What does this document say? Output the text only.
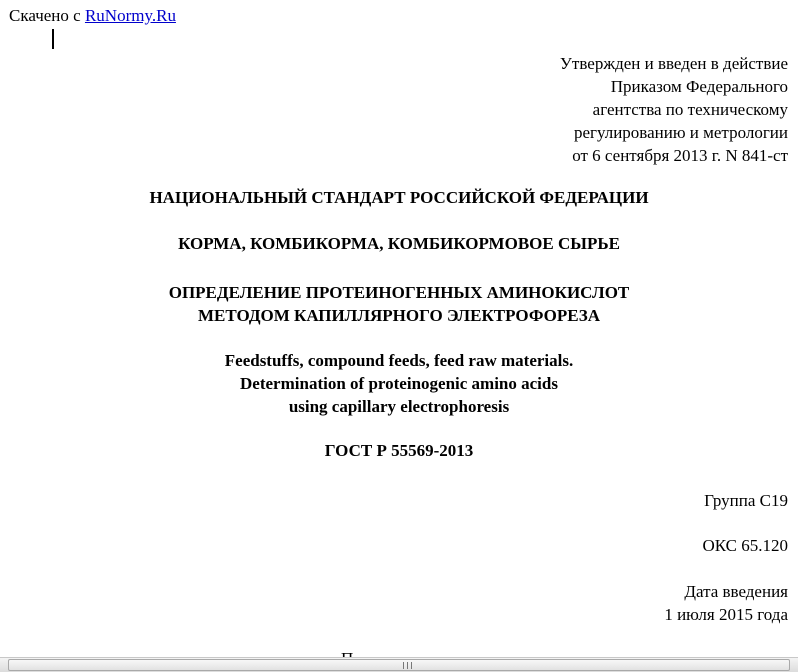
Скачено с RuNormy.Ru
Утвержден и введен в действие
Приказом Федерального
агентства по техническому
регулированию и метрологии
от 6 сентября 2013 г. N 841-ст
НАЦИОНАЛЬНЫЙ СТАНДАРТ РОССИЙСКОЙ ФЕДЕРАЦИИ
КОРМА, КОМБИКОРМА, КОМБИКОРМОВОЕ СЫРЬЕ
ОПРЕДЕЛЕНИЕ ПРОТЕИНОГЕННЫХ АМИНОКИСЛОТ
МЕТОДОМ КАПИЛЛЯРНОГО ЭЛЕКТРОФОРЕЗА
Feedstuffs, compound feeds, feed raw materials.
Determination of proteinogenic amino acids
using capillary electrophoresis
ГОСТ Р 55569-2013
Группа С19
ОКС 65.120
Дата введения
1 июля 2015 года
